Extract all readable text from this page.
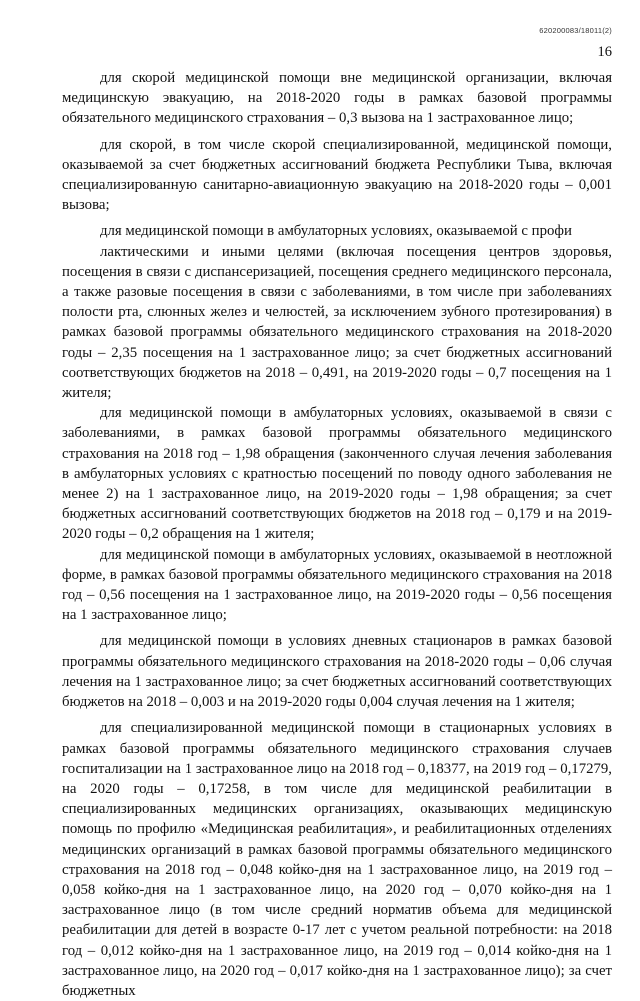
620200083/18011(2)
16

для скорой медицинской помощи вне медицинской организации, включая медицинскую эвакуацию, на 2018-2020 годы в рамках базовой программы обязательного медицинского страхования – 0,3 вызова на 1 застрахованное лицо;

для скорой, в том числе скорой специализированной, медицинской помощи, оказываемой за счет бюджетных ассигнований бюджета Республики Тыва, включая специализированную санитарно-авиационную эвакуацию на 2018-2020 годы – 0,001 вызова;

для медицинской помощи в амбулаторных условиях, оказываемой с профи

лактическими и иными целями (включая посещения центров здоровья, посещения в связи с диспансеризацией, посещения среднего медицинского персонала, а также разовые посещения в связи с заболеваниями, в том числе при заболеваниях полости рта, слюнных желез и челюстей, за исключением зубного протезирования) в рамках базовой программы обязательного медицинского страхования на 2018-2020 годы – 2,35 посещения на 1 застрахованное лицо; за счет бюджетных ассигнований соответствующих бюджетов на 2018 – 0,491, на 2019-2020 годы – 0,7 посещения на 1 жителя;

для медицинской помощи в амбулаторных условиях, оказываемой в связи с заболеваниями, в рамках базовой программы обязательного медицинского страхования на 2018 год – 1,98 обращения (законченного случая лечения заболевания в амбулаторных условиях с кратностью посещений по поводу одного заболевания не менее 2) на 1 застрахованное лицо, на 2019-2020 годы – 1,98 обращения; за счет бюджетных ассигнований соответствующих бюджетов на 2018 год – 0,179 и на 2019-2020 годы – 0,2 обращения на 1 жителя;

для медицинской помощи в амбулаторных условиях, оказываемой в неотложной форме, в рамках базовой программы обязательного медицинского страхования на 2018 год – 0,56 посещения на 1 застрахованное лицо, на 2019-2020 годы – 0,56 посещения на 1 застрахованное лицо;

для медицинской помощи в условиях дневных стационаров в рамках базовой программы обязательного медицинского страхования на 2018-2020 годы – 0,06 случая лечения на 1 застрахованное лицо; за счет бюджетных ассигнований соответствующих бюджетов на 2018 – 0,003 и на 2019-2020 годы 0,004 случая лечения на 1 жителя;

для специализированной медицинской помощи в стационарных условиях в рамках базовой программы обязательного медицинского страхования случаев госпитализации на 1 застрахованное лицо на 2018 год – 0,18377, на 2019 год – 0,17279, на 2020 годы – 0,17258, в том числе для медицинской реабилитации в специализированных медицинских организациях, оказывающих медицинскую помощь по профилю «Медицинская реабилитация», и реабилитационных отделениях медицинских организаций в рамках базовой программы обязательного медицинского страхования на 2018 год – 0,048 койко-дня на 1 застрахованное лицо, на 2019 год – 0,058 койко-дня на 1 застрахованное лицо, на 2020 год – 0,070 койко-дня на 1 застрахованное лицо (в том числе средний норматив объема для медицинской реабилитации для детей в возрасте 0-17 лет с учетом реальной потребности: на 2018 год – 0,012 койко-дня на 1 застрахованное лицо, на 2019 год – 0,014 койко-дня на 1 застрахованное лицо, на 2020 год – 0,017 койко-дня на 1 застрахованное лицо); за счет бюджетных
